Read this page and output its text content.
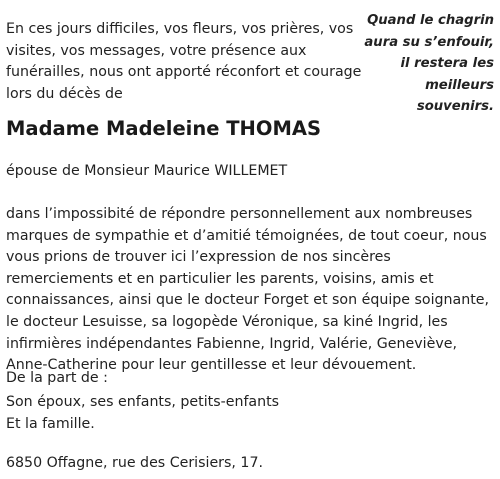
En ces jours difficiles, vos fleurs, vos prières, vos visites, vos messages, votre présence aux funérailles, nous ont apporté réconfort et courage lors du décès de

Quand le chagrin
aura su s’enfouir,
il restera les
meilleurs
souvenirs.

Madame Madeleine THOMAS

épouse de Monsieur Maurice WILLEMET

dans l’impossibité de répondre personnellement aux nombreuses marques de sympathie et d’amitié témoignées, de tout coeur, nous vous prions de trouver ici l’expression de nos sincères remerciements et en particulier les parents, voisins, amis et connaissances, ainsi que le docteur Forget et son équipe soignante, le docteur Lesuisse, sa logopède Véronique, sa kiné Ingrid, les infirmières indépendantes Fabienne, Ingrid, Valérie, Geneviève, Anne-Catherine pour leur gentillesse et leur dévouement.

De la part de :

Son époux, ses enfants, petits-enfants
Et la famille.

6850 Offagne, rue des Cerisiers, 17.
